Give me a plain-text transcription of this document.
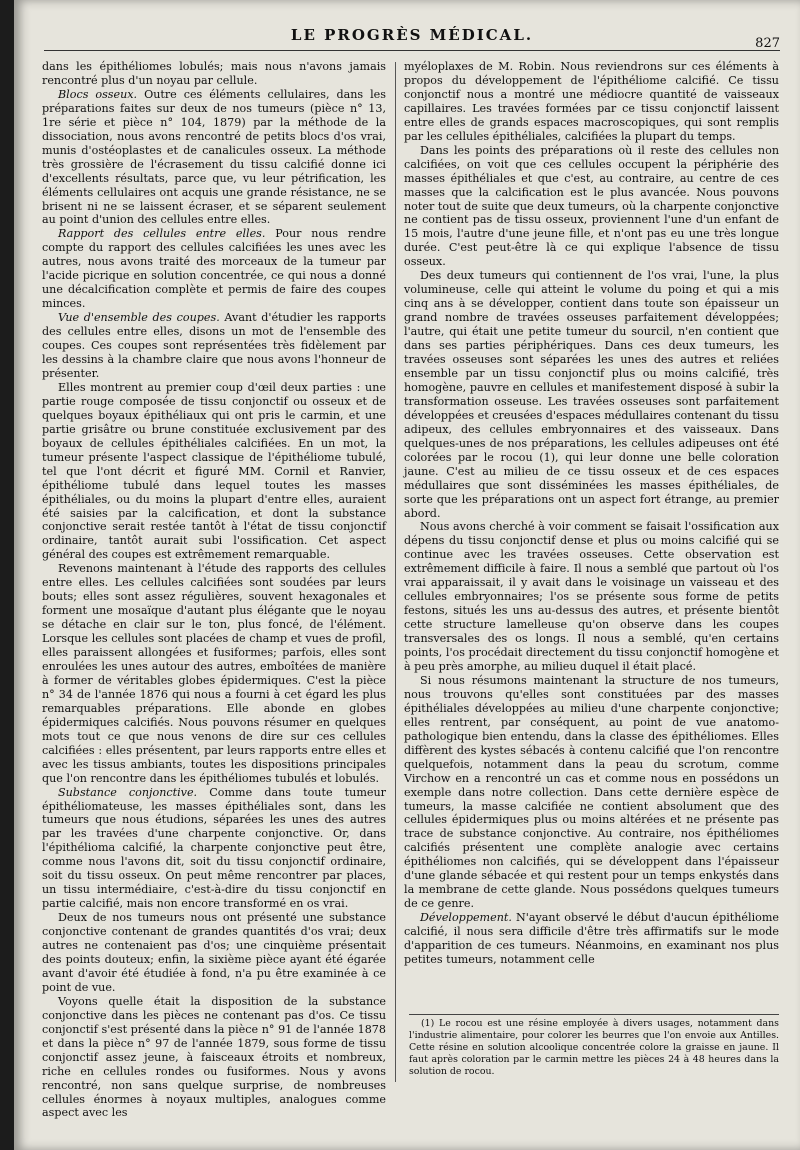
LE PROGRÈS MÉDICAL.	827

dans les épithéliomes lobulés; mais nous n'avons jamais rencontré plus d'un noyau par cellule.

Blocs osseux. Outre ces éléments cellulaires, dans les préparations faites sur deux de nos tumeurs (pièce n° 13, 1re série et pièce n° 104, 1879) par la méthode de la dissociation, nous avons rencontré de petits blocs d'os vrai, munis d'ostéoplastes et de canalicules osseux. La méthode très grossière de l'écrasement du tissu calcifié donne ici d'excellents résultats, parce que, vu leur pétrification, les éléments cellulaires ont acquis une grande résistance, ne se brisent ni ne se laissent écraser, et se séparent seulement au point d'union des cellules entre elles.

Rapport des cellules entre elles. Pour nous rendre compte du rapport des cellules calcifiées les unes avec les autres, nous avons traité des morceaux de la tumeur par l'acide picrique en solution concentrée, ce qui nous a donné une décalcification complète et permis de faire des coupes minces.

Vue d'ensemble des coupes. Avant d'étudier les rapports des cellules entre elles, disons un mot de l'ensemble des coupes. Ces coupes sont représentées très fidèlement par les dessins à la chambre claire que nous avons l'honneur de présenter.

Elles montrent au premier coup d'œil deux parties : une partie rouge composée de tissu conjonctif ou osseux et de quelques boyaux épithéliaux qui ont pris le carmin, et une partie grisâtre ou brune constituée exclusivement par des boyaux de cellules épithéliales calcifiées. En un mot, la tumeur présente l'aspect classique de l'épithéliome tubulé, tel que l'ont décrit et figuré MM. Cornil et Ranvier, épithéliome tubulé dans lequel toutes les masses épithéliales, ou du moins la plupart d'entre elles, auraient été saisies par la calcification, et dont la substance conjonctive serait restée tantôt à l'état de tissu conjonctif ordinaire, tantôt aurait subi l'ossification. Cet aspect général des coupes est extrêmement remarquable.

Revenons maintenant à l'étude des rapports des cellules entre elles. Les cellules calcifiées sont soudées par leurs bouts; elles sont assez régulières, souvent hexagonales et forment une mosaïque d'autant plus élégante que le noyau se détache en clair sur le ton, plus foncé, de l'élément. Lorsque les cellules sont placées de champ et vues de profil, elles paraissent allongées et fusiformes; parfois, elles sont enroulées les unes autour des autres, emboîtées de manière à former de véritables globes épidermiques. C'est la pièce n° 34 de l'année 1876 qui nous a fourni à cet égard les plus remarquables préparations. Elle abonde en globes épidermiques calcifiés. Nous pouvons résumer en quelques mots tout ce que nous venons de dire sur ces cellules calcifiées : elles présentent, par leurs rapports entre elles et avec les tissus ambiants, toutes les dispositions principales que l'on rencontre dans les épithéliomes tubulés et lobulés.

Substance conjonctive. Comme dans toute tumeur épithéliomateuse, les masses épithéliales sont, dans les tumeurs que nous étudions, séparées les unes des autres par les travées d'une charpente conjonctive. Or, dans l'épithélioma calcifié, la charpente conjonctive peut être, comme nous l'avons dit, soit du tissu conjonctif ordinaire, soit du tissu osseux. On peut même rencontrer par places, un tissu intermédiaire, c'est-à-dire du tissu conjonctif en partie calcifié, mais non encore transformé en os vrai.

Deux de nos tumeurs nous ont présenté une substance conjonctive contenant de grandes quantités d'os vrai; deux autres ne contenaient pas d'os; une cinquième présentait des points douteux; enfin, la sixième pièce ayant été égarée avant d'avoir été étudiée à fond, n'a pu être examinée à ce point de vue.

Voyons quelle était la disposition de la substance conjonctive dans les pièces ne contenant pas d'os. Ce tissu conjonctif s'est présenté dans la pièce n° 91 de l'année 1878 et dans la pièce n° 97 de l'année 1879, sous forme de tissu conjonctif assez jeune, à faisceaux étroits et nombreux, riche en cellules rondes ou fusiformes. Nous y avons rencontré, non sans quelque surprise, de nombreuses cellules énormes à noyaux multiples, analogues comme aspect avec les

myéloplaxes de M. Robin. Nous reviendrons sur ces éléments à propos du développement de l'épithéliome calcifié. Ce tissu conjonctif nous a montré une médiocre quantité de vaisseaux capillaires. Les travées formées par ce tissu conjonctif laissent entre elles de grands espaces macroscopiques, qui sont remplis par les cellules épithéliales, calcifiées la plupart du temps.

Dans les points des préparations où il reste des cellules non calcifiées, on voit que ces cellules occupent la périphérie des masses épithéliales et que c'est, au contraire, au centre de ces masses que la calcification est le plus avancée. Nous pouvons noter tout de suite que deux tumeurs, où la charpente conjonctive ne contient pas de tissu osseux, proviennent l'une d'un enfant de 15 mois, l'autre d'une jeune fille, et n'ont pas eu une très longue durée. C'est peut-être là ce qui explique l'absence de tissu osseux.

Des deux tumeurs qui contiennent de l'os vrai, l'une, la plus volumineuse, celle qui atteint le volume du poing et qui a mis cinq ans à se développer, contient dans toute son épaisseur un grand nombre de travées osseuses parfaitement développées; l'autre, qui était une petite tumeur du sourcil, n'en contient que dans ses parties périphériques. Dans ces deux tumeurs, les travées osseuses sont séparées les unes des autres et reliées ensemble par un tissu conjonctif plus ou moins calcifié, très homogène, pauvre en cellules et manifestement disposé à subir la transformation osseuse. Les travées osseuses sont parfaitement développées et creusées d'espaces médullaires contenant du tissu adipeux, des cellules embryonnaires et des vaisseaux. Dans quelques-unes de nos préparations, les cellules adipeuses ont été colorées par le rocou (1), qui leur donne une belle coloration jaune. C'est au milieu de ce tissu osseux et de ces espaces médullaires que sont disséminées les masses épithéliales, de sorte que les préparations ont un aspect fort étrange, au premier abord.

Nous avons cherché à voir comment se faisait l'ossification aux dépens du tissu conjonctif dense et plus ou moins calcifié qui se continue avec les travées osseuses. Cette observation est extrêmement difficile à faire. Il nous a semblé que partout où l'os vrai apparaissait, il y avait dans le voisinage un vaisseau et des cellules embryonnaires; l'os se présente sous forme de petits festons, situés les uns au-dessus des autres, et présente bientôt cette structure lamelleuse qu'on observe dans les coupes transversales des os longs. Il nous a semblé, qu'en certains points, l'os procédait directement du tissu conjonctif homogène et à peu près amorphe, au milieu duquel il était placé.

Si nous résumons maintenant la structure de nos tumeurs, nous trouvons qu'elles sont constituées par des masses épithéliales développées au milieu d'une charpente conjonctive; elles rentrent, par conséquent, au point de vue anatomo-pathologique bien entendu, dans la classe des épithéliomes. Elles diffèrent des kystes sébacés à contenu calcifié que l'on rencontre quelquefois, notamment dans la peau du scrotum, comme Virchow en a rencontré un cas et comme nous en possédons un exemple dans notre collection. Dans cette dernière espèce de tumeurs, la masse calcifiée ne contient absolument que des cellules épidermiques plus ou moins altérées et ne présente pas trace de substance conjonctive. Au contraire, nos épithéliomes calcifiés présentent une complète analogie avec certains épithéliomes non calcifiés, qui se développent dans l'épaisseur d'une glande sébacée et qui restent pour un temps enkystés dans la membrane de cette glande. Nous possédons quelques tumeurs de ce genre.

Développement. N'ayant observé le début d'aucun épithéliome calcifié, il nous sera difficile d'être très affirmatifs sur le mode d'apparition de ces tumeurs. Néanmoins, en examinant nos plus petites tumeurs, notamment celle

(1) Le rocou est une résine employée à divers usages, notamment dans l'industrie alimentaire, pour colorer les beurres que l'on envoie aux Antilles. Cette résine en solution alcoolique concentrée colore la graisse en jaune. Il faut après coloration par le carmin mettre les pièces 24 à 48 heures dans la solution de rocou.
